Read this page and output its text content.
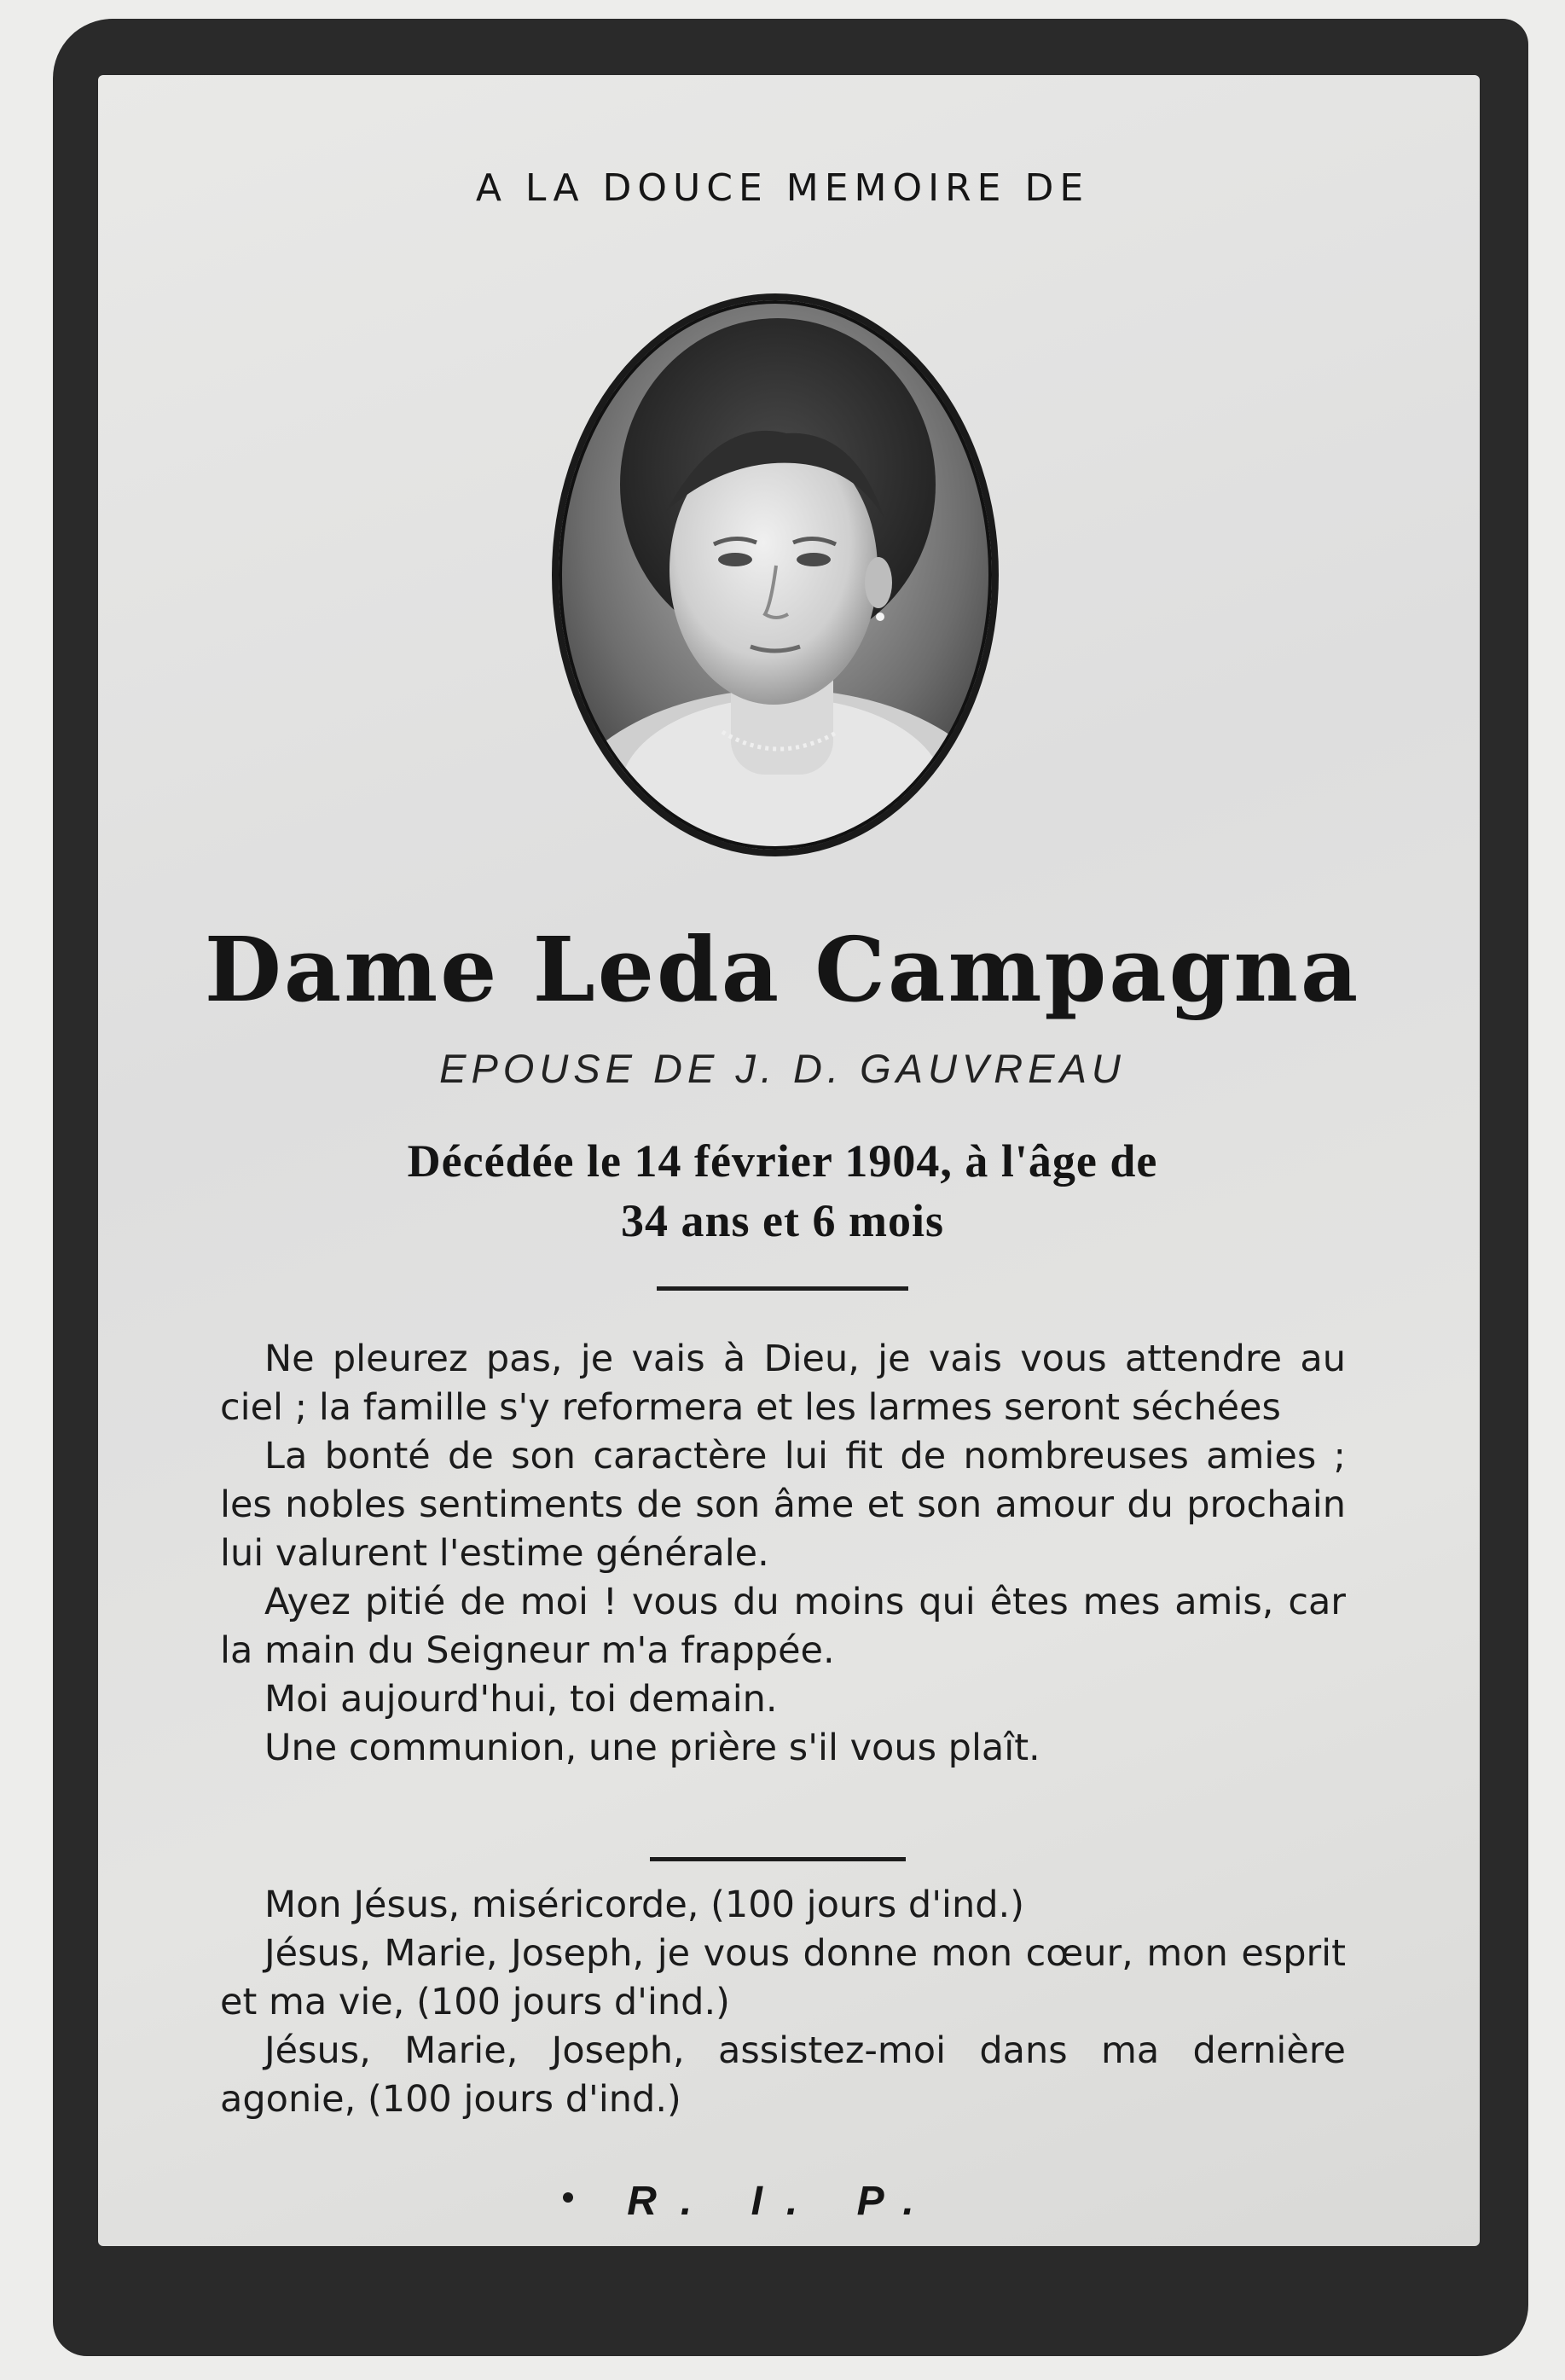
A LA DOUCE MEMOIRE DE
Dame Leda Campagna
EPOUSE DE J. D. GAUVREAU
Décédée le 14 février 1904, à l'âge de
34 ans et 6 mois

Ne pleurez pas, je vais à Dieu, je vais vous attendre au ciel ; la famille s'y reformera et les larmes seront séchées

La bonté de son caractère lui fit de nombreuses amies ; les nobles sentiments de son âme et son amour du prochain lui valurent l'estime générale.

Ayez pitié de moi ! vous du moins qui êtes mes amis, car la main du Seigneur m'a frappée.

Moi aujourd'hui, toi demain.

Une communion, une prière s'il vous plaît.

Mon Jésus, miséricorde, (100 jours d'ind.)

Jésus, Marie, Joseph, je vous donne mon cœur, mon esprit et ma vie, (100 jours d'ind.)

Jésus, Marie, Joseph, assistez-moi dans ma dernière agonie, (100 jours d'ind.)

R. I. P.
